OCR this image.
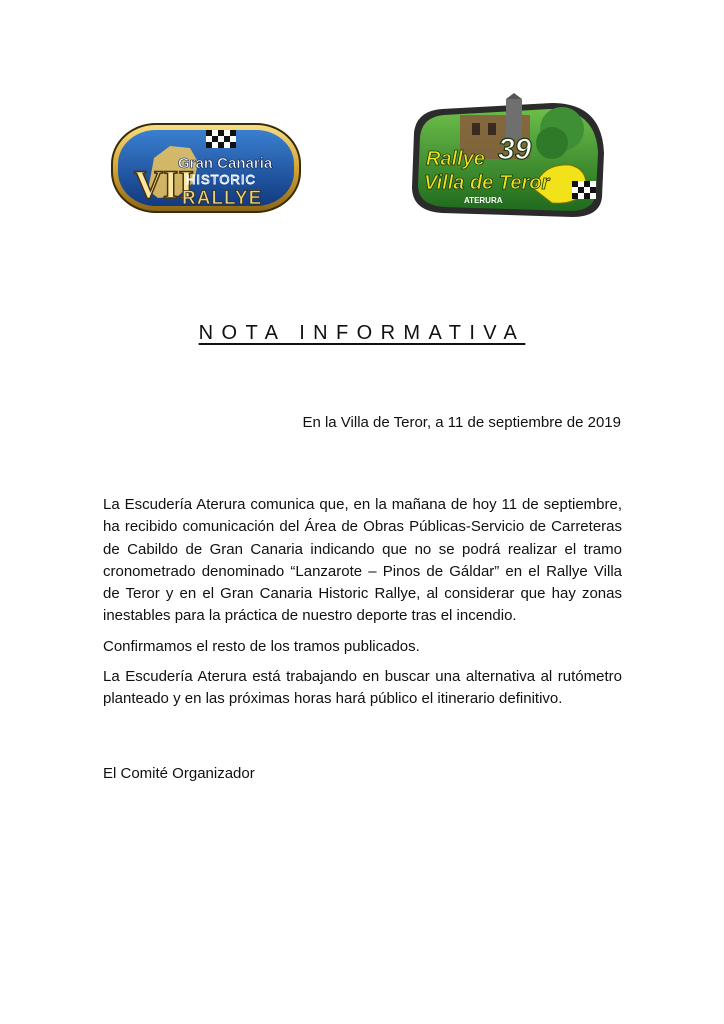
VII
Gran Canaria
HISTORIC
RALLYE
Rallye 39
Villa de Teror
ATERURA
NOTA INFORMATIVA
En la Villa de Teror, a 11 de septiembre de 2019

La Escudería Aterura comunica que, en la mañana de hoy 11 de septiembre, ha recibido comunicación del Área de Obras Públicas-Servicio de Carreteras de Cabildo de Gran Canaria indicando que no se podrá realizar el tramo cronometrado denominado “Lanzarote – Pinos de Gáldar” en el Rallye Villa de Teror y en el Gran Canaria Historic Rallye, al considerar que hay zonas inestables para la práctica de nuestro deporte tras el incendio.

Confirmamos el resto de los tramos publicados.

La Escudería Aterura está trabajando en buscar una alternativa al rutómetro planteado y en las próximas horas hará público el itinerario definitivo.

El Comité Organizador
